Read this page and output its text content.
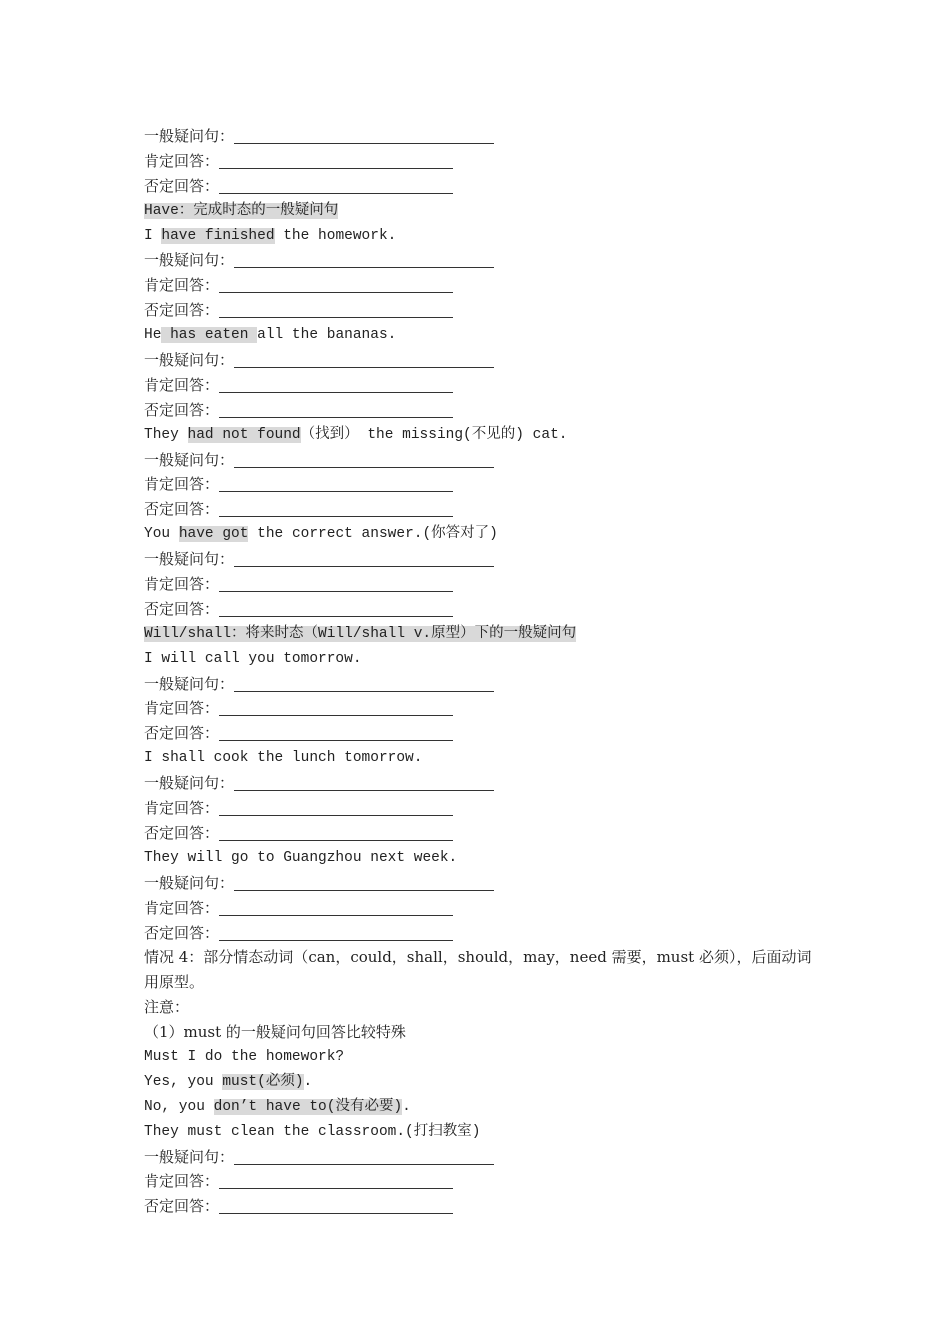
一般疑问句：
肯定回答：
否定回答：
Have：完成时态的一般疑问句
I have finished the homework.
一般疑问句：
肯定回答：
否定回答：
He has eaten all the bananas.
一般疑问句：
肯定回答：
否定回答：
They had not found（找到） the missing(不见的) cat.
一般疑问句：
肯定回答：
否定回答：
You have got the correct answer.(你答对了)
一般疑问句：
肯定回答：
否定回答：
Will/shall：将来时态（Will/shall v.原型）下的一般疑问句
I will call you tomorrow.
一般疑问句：
肯定回答：
否定回答：
I shall cook the lunch tomorrow.
一般疑问句：
肯定回答：
否定回答：
They will go to Guangzhou next week.
一般疑问句：
肯定回答：
否定回答：
情况 4：部分情态动词（can，could，shall，should，may，need 需要，must 必须），后面动词用原型。
注意：
（1）must 的一般疑问句回答比较特殊
Must I do the homework?
Yes, you must(必须).
No, you don’t have to(没有必要).
They must clean the classroom.(打扫教室)
一般疑问句：
肯定回答：
否定回答：
